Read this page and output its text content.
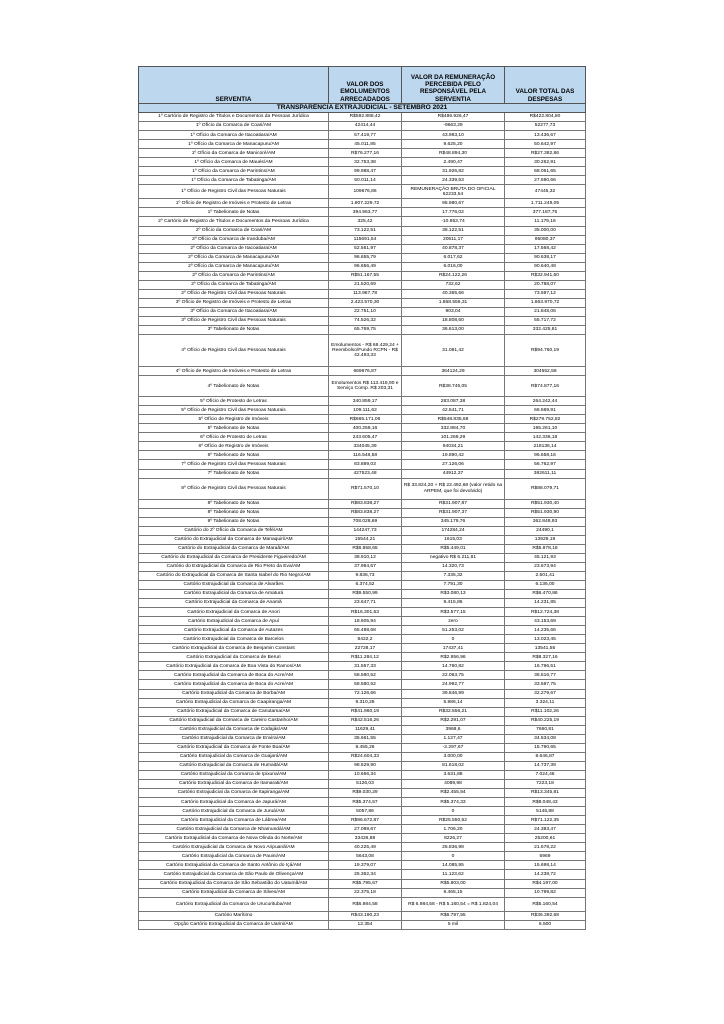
SERVENTIA	VALOR DOS EMOLUMENTOS ARRECADADOS	VALOR DA REMUNERAÇÃO PERCEBIDA PELO RESPONSÁVEL PELA SERVENTIA	VALOR TOTAL DAS DESPESAS
TRANSPARÊNCIA EXTRAJUDICIAL - SETEMBRO 2021			
1º Cartório de Registro de Títulos e Documentos da Pessoas Jurídica	R$592.888,42	R$486.926,47	R$422.804,80
1º Ofício da Comarca de Coari/AM	42414,44	-9663,29	52277,73
1º Ofício da Comarca de Itacoatiara/AM	57.419,77	43.983,10	13.436,67
1º Ofício da Comarca de Manacapuru/AM	45.011,85	9.625,20	50.642,97
1º Ofício da Comarca de Manicoré/AM	R$76.277,16	R$48.894,30	R$27.382,86
1º Ofício da Comarca de Maués/AM	32.753,38	2.490,47	30.262,91
1º Ofício da Comarca de Parintins/AM	99.988,47	31.926,82	68.061,65
1º Ofício da Comarca de Tabatinga/AM	50.011,14	24.339,53	27.690,66
1º Ofício de Registro Civil das Pessoas Naturais	109676,86	REMUNERAÇÃO BRUTA DO OFICIAL 62233,54	47445,32
1º Ofício de Registro de Imóveis e Protesto de Letras	1.807.229,72	95.980,67	1.711.249,05
1º Tabelionato de Notas	394.963,77	17.776,02	377.187,75
2º Cartório de Registro de Títulos e Documentos da Pessoas Jurídica	325,42	-10.853,74	11.179,16
2º Ofício da Comarca de Coari/AM	73.122,51	38.122,51	35.000,00
2º Ofício da Comarca de Iranduba/AM	115691,54	20611,17	95080,37
2º Ofício da Comarca de Itacoatiara/AM	52.561,97	40.878,37	17.568,42
2º Ofício da Comarca de Manacapuru/AM	96.655,79	6.017,62	90.638,17
2º Ofício da Comarca de Manacapuru/AM	96.656,49	6.016,00	90.640,49
2º Ofício da Comarca de Parintins/AM	R$51.167,55	R$24.122,26	R$32.941,60
2º Ofício da Comarca de Tabatinga/AM	21.520,69	732,62	20.788,07
2º Ofício de Registro Civil das Pessoas Naturais	113.967,78	40.365,66	73.597,12
3º Ofício de Registro de Imóveis e Protesto de Letras	2.423.570,30	1.868.556,31	1.663.970,72
3º Ofício da Comarca de Itacoatiara/AM	22.751,10	903,04	21.848,06
3º Ofício de Registro Civil das Pessoas Naturais	74.526,32	18.808,60	55.717,72
3º Tabelionato de Notas	65.769,75	36.613,00	332.425,81
4º Ofício de Registro Civil das Pessoas Naturais	Emolumentos - R$ 68.429,24 + Reembolso/Fundo RCPN - R$ 42.493,33	31.081,42	R$94.760,19
4º Ofício de Registro de Imóveis e Protesto de Letras	669676,87	364124,29	304552,58
4º Tabelionato de Notas	Emolumentos R$ 113.418,90 e Serviço Comp. R$ 203,31	R$38.745,05	R$74.877,16
5º Ofício de Protesto de Letras	340.859,17	283.087,38	264.242,44
5º Ofício de Registro Civil das Pessoas Naturais	109.111,62	42.541,71	66.569,91
5º Ofício de Registro de Imóveis	R$665.171,06	R$548.835,68	R$279.752,82
5º Tabelionato de Notas	400.259,16	332.884,70	195.261,10
6º Ofício de Protesto de Letras	243.605,47	101.269,29	142.336,18
6º Ofício de Registro de Imóveis	334045,39	94034,21	218136,14
6º Tabelionato de Notas	116.548,58	19.890,42	96.658,16
7º Ofício de Registro Civil das Pessoas Naturais	83.889,03	27.126,06	56.762,97
7º Tabelionato de Notas	427523,48	44912,37	382611,11
8º Ofício de Registro Civil das Pessoas Naturais	R$71.570,10	R$ 33.824,20 + R$ 22.492,68 (valor retido na ARPEM, que foi devolvido)	R$88.079,71
8º Tabelionato de Notas	R$83.838,27	R$31.907,87	R$51.930,40
8º Tabelionato de Notas	R$83.838,27	R$31.907,37	R$51.930,90
9º Tabelionato de Notas	708.028,69	345.179,76	362.848,93
Cartório do 2º Ofício da Comarca de Tefé/AM	144247,73	174284,24	24490,1
Cartório do Extrajudicial da Comarca de Manaquiri/AM	15544,21	1615,03	13929,18
Cartório do Extrajudicial da Comarca de Maraã/AM	R$6.858,65	R$5.449,01	R$5.878,18
Cartório do Extrajudicial da Comarca de Presidente Figueiredo/AM	38.910,12	negativo R$ 6.211,81	45.121,93
Cartório do Extrajudicial da Comarca de Rio Preto da Eva/AM	37.994,67	14.320,73	23.673,94
Cartório do Extrajudicial da Comarca de Santa Isabel do Rio Negro/AM	9.836,73	7.335,32	2.501,41
Cartório Extrajudicial da Comarca de Alvarães	6.374,52	7.791,30	6.136,00
Cartório Extrajudicial da Comarca de Amaturá	R$9.550,99	R$3.080,13	R$6.470,86
Cartório Extrajudicial da Comarca de Anamã	23.647,71	9.415,86	14.231,85
Cartório Extrajudicial da Comarca de Anori	R$16.301,53	R$3.577,15	R$12.724,38
Cartório Extrajudicial da Comarca de Apuí	18.605,94	zero	43.153,69
Cartório Extrajudicial da Comarca de Autazes	65.488,68	51.253,02	14.235,66
Cartório Extrajudicial da Comarca de Barcelos	8422,2	0	13.023,45
Cartório Extrajudicial da Comarca de Benjamin Constant	22728,17	17437,41	13541,55
Cartório Extrajudicial da Comarca de Beruri	R$11.284,12	R$2.956,96	R$8.327,16
Cartório Extrajudicial da Comarca de Boa Vista do Ramos/AM	31.557,33	14.760,82	16.796,51
Cartório Extrajudicial da Comarca de Boca do Acre/AM	58.580,52	22.063,75	36.516,77
Cartório Extrajudicial da Comarca de Boca do Acre/AM	58.580,52	24.992,77	33.587,75
Cartório Extrajudicial da Comarca de Borba/AM	72.126,66	39.846,99	32.279,67
Cartório Extrajudicial da Comarca de Caapiranga/AM	9.310,28	5.986,14	3.324,11
Cartório Extrajudicial da Comarca de Canutama/AM	R$41.960,19	R$32.556,21	R$11.102,26
Cartório Extrajudicial da Comarca de Careiro Castanho/AM	R$42.516,26	R$2.291,07	R$40.225,19
Cartório Extrajudicial da Comarca de Codajás/AM	11629,41	3968,6	7660,81
Cartório Extrajudicial da Comarca de Envira/AM	35.661,55	1.127,47	34.534,08
Cartório Extrajudicial da Comarca de Fonte Boa/AM	8.455,26	-2.297,67	15.790,65
Cartório Extrajudicial da Comarca de Guajará/AM	R$24.604,33	3.000,00	8.646,87
Cartório Extrajudicial da Comarca de Humaitá/AM	98.529,90	81.618,02	14.737,39
Cartório Extrajudicial da Comarca de Ipixuna/AM	10.656,34	3.631,88	7.024,46
Cartório Extrajudicial da Comarca de Itamarati/AM	5126,03	4089,98	7223,18
Cartório Extrajudicial da Comarca de Itapiranga/AM	R$9.030,29	R$2.455,84	R$13.345,81
Cartório Extrajudicial da Comarca de Japurá/AM	R$5.374,57	R$5.374,33	R$8.048,43
Cartório Extrajudicial da Comarca de Juruá/AM	5057,86	0	5146,88
Cartório Extrajudicial da Comarca de Lábrea/AM	R$96.672,87	R$25.550,52	R$71.122,35
Cartório Extrajudicial da Comarca de Nhamundá/AM	27.089,67	1.706,20	24.383,47
Cartório Extrajudicial da Comarca de Nova Olinda do Norte/AM	33426,88	8226,27	25200,61
Cartório Extrajudicial da Comarca de Novo Aripuanã/AM	40.225,49	25.836,98	21.678,22
Cartório Extrajudicial da Comarca de Pauini/AM	5643,08	0	5969
Cartório Extrajudicial da Comarca de Santo Antônio do Içá/AM	19.379,07	14.085,95	15.698,14
Cartório Extrajudicial da Comarca de São Paulo de Olivença/AM	25.362,34	11.123,62	14.238,72
Cartório Extrajudicial da Comarca de São Sebastião do Uatumã/AM	R$5.795,67	R$5.803,00	R$4.197,00
Cartório Extrajudicial da Comarca de Silves/AM	22.375,18	9.465,15	10.799,82
Cartório Extrajudicial da Comarca de Urucurituba/AM	R$6.984,58	R$ 6.984,58 - R$ 5.160,54 = R$ 1.824,04	R$5.160,54
Cartório Marítimo	R$43.190,23	R$6.797,55	R$36.392,68
Opção Cartório Extrajudicial da Comarca de Uarini/AM	12.354	5 mil	6.500
